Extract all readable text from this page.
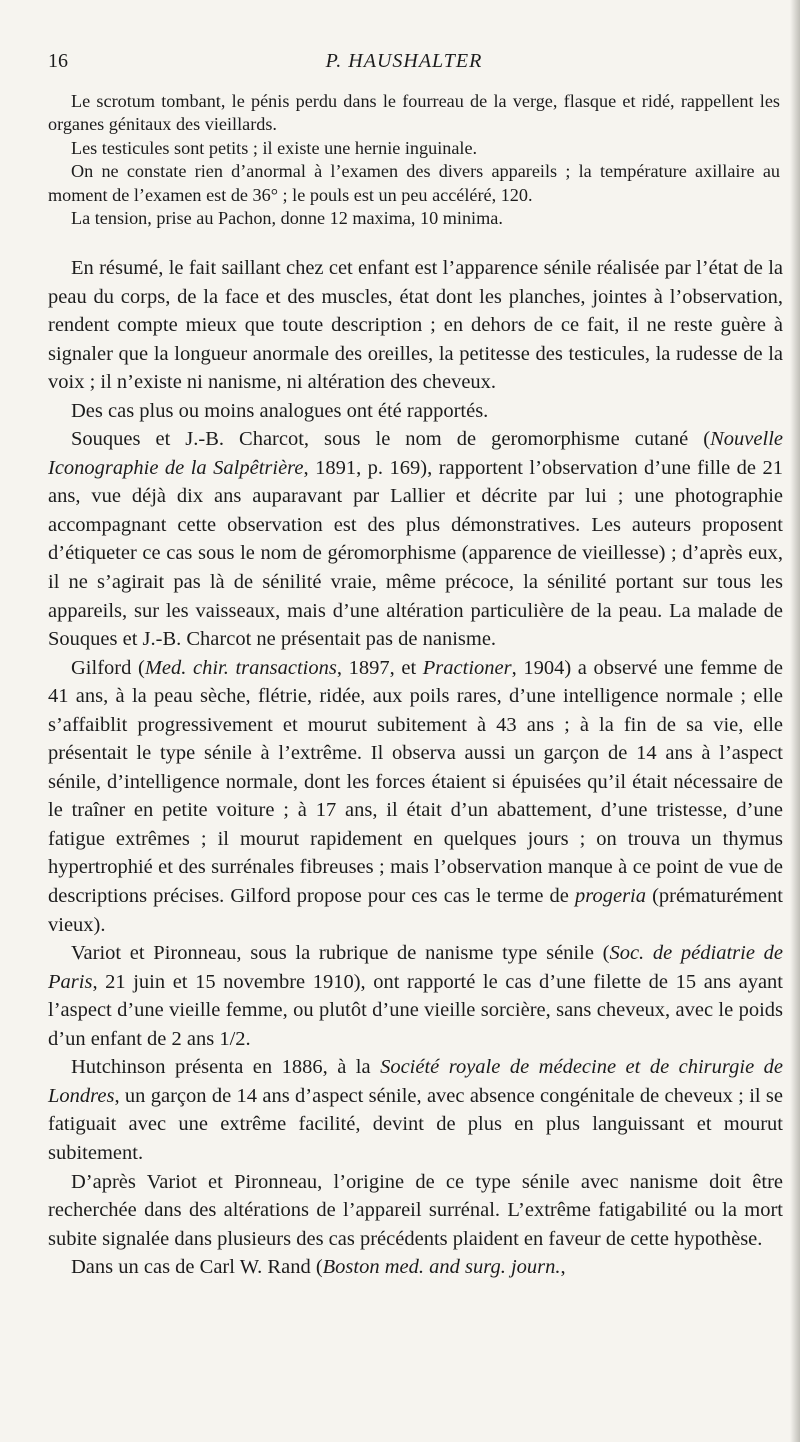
16	P. HAUSHALTER

Le scrotum tombant, le pénis perdu dans le fourreau de la verge, flasque et ridé, rappellent les organes génitaux des vieillards.

Les testicules sont petits ; il existe une hernie inguinale.

On ne constate rien d’anormal à l’examen des divers appareils ; la température axillaire au moment de l’examen est de 36° ; le pouls est un peu accéléré, 120.

La tension, prise au Pachon, donne 12 maxima, 10 minima.

En résumé, le fait saillant chez cet enfant est l’apparence sénile réalisée par l’état de la peau du corps, de la face et des muscles, état dont les planches, jointes à l’observation, rendent compte mieux que toute description ; en dehors de ce fait, il ne reste guère à signaler que la longueur anormale des oreilles, la petitesse des testicules, la rudesse de la voix ; il n’existe ni nanisme, ni altération des cheveux.

Des cas plus ou moins analogues ont été rapportés.

Souques et J.-B. Charcot, sous le nom de geromorphisme cutané (Nouvelle Iconographie de la Salpêtrière, 1891, p. 169), rapportent l’observation d’une fille de 21 ans, vue déjà dix ans auparavant par Lallier et décrite par lui ; une photographie accompagnant cette observation est des plus démonstratives. Les auteurs proposent d’étiqueter ce cas sous le nom de géromorphisme (apparence de vieillesse) ; d’après eux, il ne s’agirait pas là de sénilité vraie, même précoce, la sénilité portant sur tous les appareils, sur les vaisseaux, mais d’une altération particulière de la peau. La malade de Souques et J.-B. Charcot ne présentait pas de nanisme.

Gilford (Med. chir. transactions, 1897, et Practioner, 1904) a observé une femme de 41 ans, à la peau sèche, flétrie, ridée, aux poils rares, d’une intelligence normale ; elle s’affaiblit progressivement et mourut subitement à 43 ans ; à la fin de sa vie, elle présentait le type sénile à l’extrême. Il observa aussi un garçon de 14 ans à l’aspect sénile, d’intelligence normale, dont les forces étaient si épuisées qu’il était nécessaire de le traîner en petite voiture ; à 17 ans, il était d’un abattement, d’une tristesse, d’une fatigue extrêmes ; il mourut rapidement en quelques jours ; on trouva un thymus hypertrophié et des surrénales fibreuses ; mais l’observation manque à ce point de vue de descriptions précises. Gilford propose pour ces cas le terme de progeria (prématurément vieux).

Variot et Pironneau, sous la rubrique de nanisme type sénile (Soc. de pédiatrie de Paris, 21 juin et 15 novembre 1910), ont rapporté le cas d’une filette de 15 ans ayant l’aspect d’une vieille femme, ou plutôt d’une vieille sorcière, sans cheveux, avec le poids d’un enfant de 2 ans 1/2.

Hutchinson présenta en 1886, à la Société royale de médecine et de chirurgie de Londres, un garçon de 14 ans d’aspect sénile, avec absence congénitale de cheveux ; il se fatiguait avec une extrême facilité, devint de plus en plus languissant et mourut subitement.

D’après Variot et Pironneau, l’origine de ce type sénile avec nanisme doit être recherchée dans des altérations de l’appareil surrénal. L’extrême fatigabilité ou la mort subite signalée dans plusieurs des cas précédents plaident en faveur de cette hypothèse.

Dans un cas de Carl W. Rand (Boston med. and surg. journ.,
